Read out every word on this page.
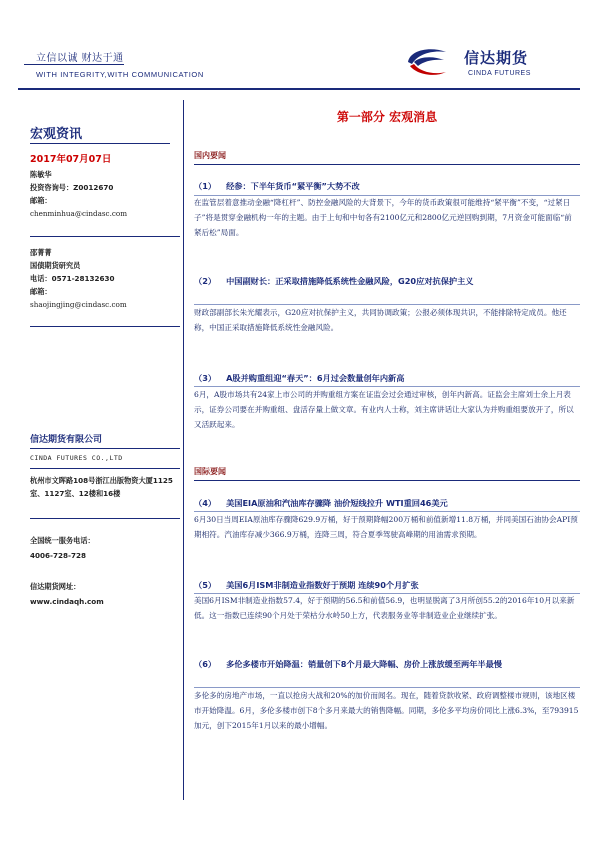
立信以诚 财达于通
WITH INTEGRITY,WITH COMMUNICATION
信达期货
CINDA FUTURES
宏观资讯
2017年07月07日
陈敏华
投资咨询号：Z0012670
邮箱：
chenminhua@cindasc.com
邵菁菁
国债期货研究员
电话：0571-28132630
邮箱：
shaojingjing@cindasc.com
信达期货有限公司
CINDA FUTURES CO.,LTD
杭州市文晖路108号浙江出版物资大厦1125室、1127室、12楼和16楼
全国统一服务电话：
4006-728-728
信达期货网址：
www.cindaqh.com
第一部分 宏观消息
国内要闻
（1） 经参：下半年货币“紧平衡”大势不改
在监管层着意推动金融“降杠杆”、防控金融风险的大背景下，今年的货币政策很可能维持“紧平衡”不变，“过紧日子”将是贯穿金融机构一年的主题。由于上旬和中旬各有2100亿元和2800亿元逆回购到期，7月资金可能面临“前紧后松”局面。
（2） 中国副财长：正采取措施降低系统性金融风险，G20应对抗保护主义
财政部副部长朱光耀表示，G20应对抗保护主义，共同协调政策；公报必须体现共识，不能排除特定成员。他还称，中国正采取措施降低系统性金融风险。
（3） A股并购重组迎“春天”：6月过会数量创年内新高
6月，A股市场共有24家上市公司的并购重组方案在证监会过会通过审核，创年内新高。证监会主席刘士余上月表示，证券公司要在并购重组、盘活存量上做文章。有业内人士称，刘主席讲话让大家认为并购重组要放开了，所以又活跃起来。
国际要闻
（4） 美国EIA原油和汽油库存骤降 油价短线拉升 WTI重回46美元
6月30日当周EIA原油库存骤降629.9万桶，好于预期降幅200万桶和前值新增11.8万桶，并同美国石油协会API预期相符。汽油库存减少366.9万桶，连降三周，符合夏季驾驶高峰期的用油需求预期。
（5） 美国6月ISM非制造业指数好于预期 连续90个月扩张
美国6月ISM非制造业指数57.4，好于预期的56.5和前值56.9，也明显脱离了3月所创55.2的2016年10月以来新低。这一指数已连续90个月处于荣枯分水岭50上方，代表服务业等非制造业企业继续扩张。
（6） 多伦多楼市开始降温：销量创下8个月最大降幅、房价上涨放缓至两年半最慢
多伦多的房地产市场，一直以抢房大战和20%的加价而闻名。现在，随着贷款收紧、政府调整楼市规则，该地区楼市开始降温。6月，多伦多楼市创下8个多月来最大的销售降幅。同期，多伦多平均房价同比上涨6.3%，至793915加元，创下2015年1月以来的最小增幅。
